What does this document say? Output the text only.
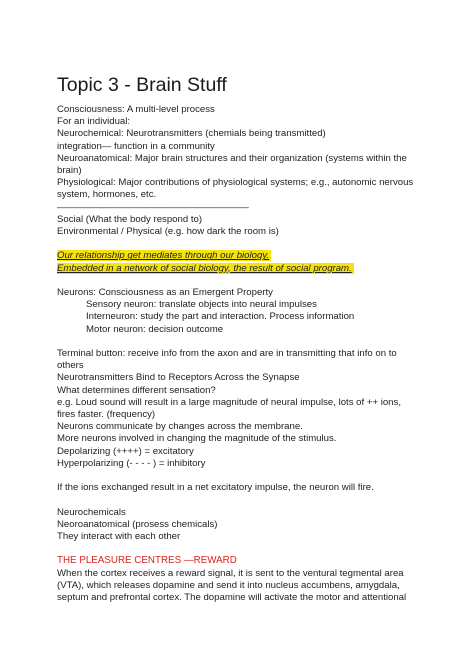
Topic 3 - Brain Stuff
Consciousness: A multi-level process
For an individual:
Neurochemical: Neurotransmitters (chemials being transmitted)
integration— function in a community
Neuroanatomical: Major brain structures and their organization (systems within the brain)
Physiological: Major contributions of physiological systems; e.g., autonomic nervous system, hormones, etc.
————————————————————
Social (What the body respond to)
Environmental / Physical (e.g. how dark the room is)
Our relationship get mediates through our biology.
Embedded in a network of social biology, the result of social program.
Neurons: Consciousness as an Emergent Property
Sensory neuron: translate objects into neural impulses
Interneuron: study the part and interaction. Process information
Motor neuron: decision outcome
Terminal button: receive info from the axon and are in transmitting that info on to others
Neurotransmitters Bind to Receptors Across the Synapse
What determines different sensation?
e.g. Loud sound will result in a large magnitude of neural impulse, lots of ++ ions, fires faster. (frequency)
Neurons communicate by changes across the membrane.
More neurons involved in changing the magnitude of the stimulus.
Depolarizing (++++) = excitatory
Hyperpolarizing (- - - - ) = inhibitory
If the ions exchanged result in a net excitatory impulse, the neuron will fire.
Neurochemicals
Neoroanatomical (prosess chemicals)
They interact with each other
THE PLEASURE CENTRES —REWARD
When the cortex receives a reward signal, it is sent to the ventural tegmental area (VTA), which releases dopamine and send it into nucleus accumbens, amygdala, septum and prefrontal cortex. The dopamine will activate the motor and attentional
